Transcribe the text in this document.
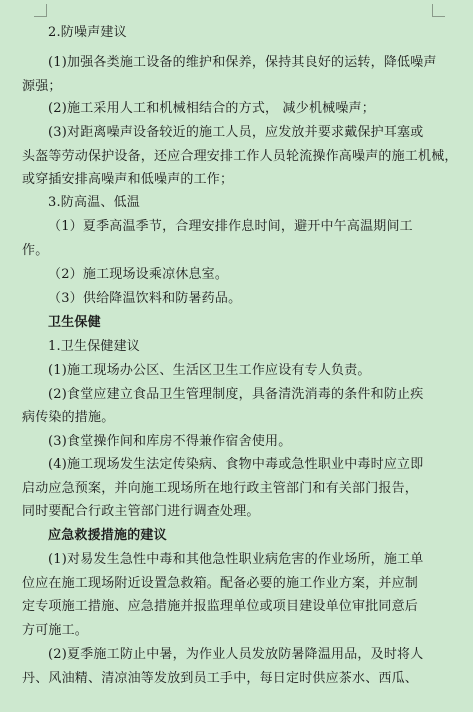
2.防噪声建议
(1)加强各类施工设备的维护和保养，保持其良好的运转，降低噪声
源强；
(2)施工采用人工和机械相结合的方式， 减少机械噪声；
(3)对距离噪声设备较近的施工人员，应发放并要求戴保护耳塞或
头盔等劳动保护设备，还应合理安排工作人员轮流操作高噪声的施工机械，
或穿插安排高噪声和低噪声的工作；
3.防高温、低温
（1）夏季高温季节，合理安排作息时间，避开中午高温期间工
作。
（2）施工现场设乘凉休息室。
（3）供给降温饮料和防暑药品。
卫生保健
1.卫生保健建议
(1)施工现场办公区、生活区卫生工作应设有专人负责。
(2)食堂应建立食品卫生管理制度，具备清洗消毒的条件和防止疾
病传染的措施。
(3)食堂操作间和库房不得兼作宿舍使用。
(4)施工现场发生法定传染病、食物中毒或急性职业中毒时应立即
启动应急预案，并向施工现场所在地行政主管部门和有关部门报告，
同时要配合行政主管部门进行调查处理。
应急救援措施的建议
(1)对易发生急性中毒和其他急性职业病危害的作业场所，施工单
位应在施工现场附近设置急救箱。配备必要的施工作业方案，并应制
定专项施工措施、应急措施并报监理单位或项目建设单位审批同意后
方可施工。
(2)夏季施工防止中暑，为作业人员发放防暑降温用品，及时将人
丹、风油精、清凉油等发放到员工手中，每日定时供应茶水、西瓜、
